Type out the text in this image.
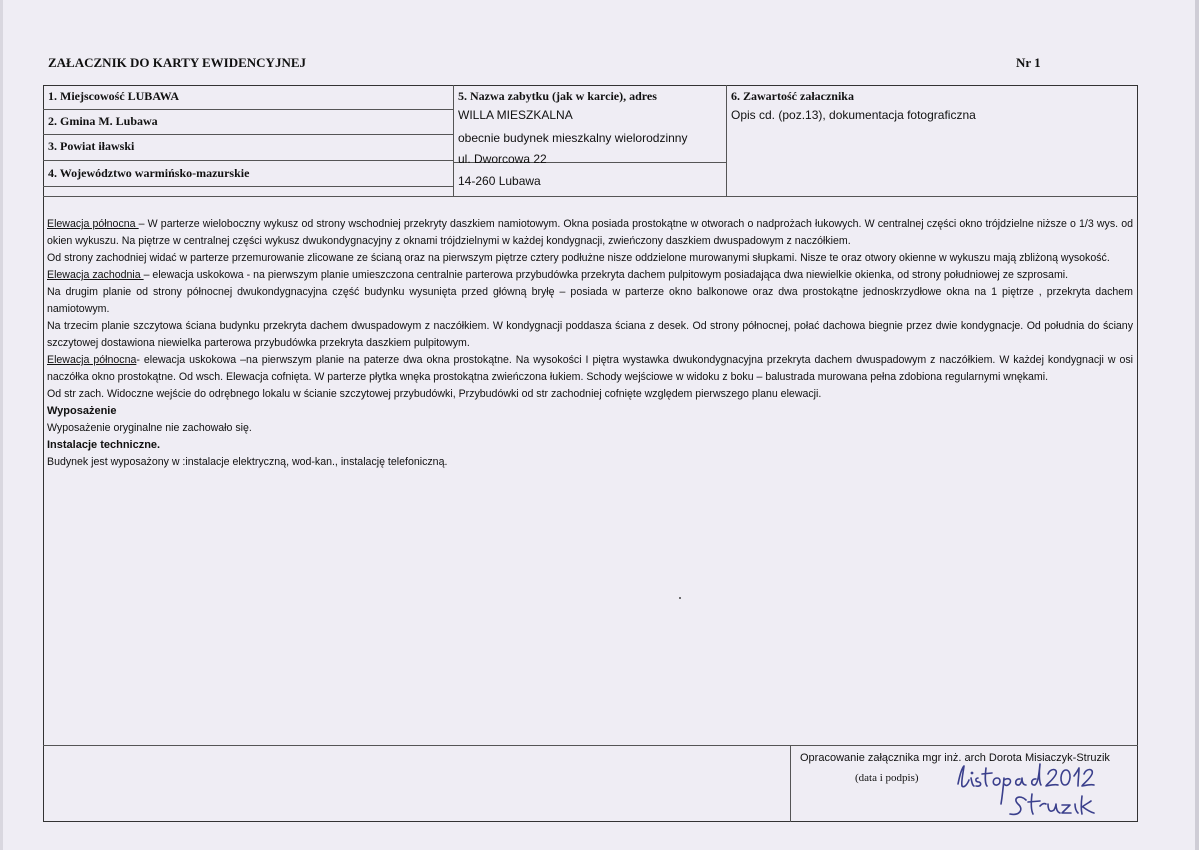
ZAŁACZNIK DO KARTY EWIDENCYJNEJ	Nr 1
1. Miejscowość LUBAWA
2. Gmina M. Lubawa
3. Powiat iławski
4. Województwo warmińsko-mazurskie
5. Nazwa zabytku (jak w karcie), adres
WILLA MIESZKALNA
obecnie budynek mieszkalny wielorodzinny
ul. Dworcowa 22
14-260 Lubawa
6. Zawartość załacznika
Opis cd. (poz.13), dokumentacja fotograficzna

Elewacja północna – W parterze wieloboczny wykusz od strony wschodniej przekryty daszkiem namiotowym. Okna posiada prostokątne w otworach o nadprożach łukowych. W centralnej części okno trójdzielne niższe o 1/3 wys. od okien wykuszu. Na piętrze w centralnej części wykusz dwukondygnacyjny z oknami trójdzielnymi w każdej kondygnacji, zwieńczony daszkiem dwuspadowym z naczółkiem.

Od strony zachodniej widać w parterze przemurowanie zlicowane ze ścianą oraz na pierwszym piętrze cztery podłużne nisze oddzielone murowanymi słupkami. Nisze te oraz otwory okienne w wykuszu mają zbliżoną wysokość.

Elewacja zachodnia – elewacja uskokowa - na pierwszym planie umieszczona centralnie parterowa przybudówka przekryta dachem pulpitowym posiadająca dwa niewielkie okienka, od strony południowej ze szprosami.

Na drugim planie od strony północnej dwukondygnacyjna część budynku wysunięta przed główną bryłę – posiada w parterze okno balkonowe oraz dwa prostokątne jednoskrzydłowe okna na 1 piętrze , przekryta dachem namiotowym.

Na trzecim planie szczytowa ściana budynku przekryta dachem dwuspadowym z naczółkiem. W kondygnacji poddasza ściana z desek. Od strony północnej, połać dachowa biegnie przez dwie kondygnacje. Od południa do ściany szczytowej dostawiona niewielka parterowa przybudówka przekryta daszkiem pulpitowym.

Elewacja północna- elewacja uskokowa –na pierwszym planie na paterze dwa okna prostokątne. Na wysokości I piętra wystawka dwukondygnacyjna przekryta dachem dwuspadowym z naczółkiem. W każdej kondygnacji w osi naczółka okno prostokątne. Od wsch. Elewacja cofnięta. W parterze płytka wnęka prostokątna zwieńczona łukiem. Schody wejściowe w widoku z boku – balustrada murowana pełna zdobiona regularnymi wnękami.

Od str zach. Widoczne wejście do odrębnego lokalu w ścianie szczytowej przybudówki, Przybudówki od str zachodniej cofnięte względem pierwszego planu elewacji.

Wyposażenie

Wyposażenie oryginalne nie zachowało się.

Instalacje techniczne.

Budynek jest wyposażony w :instalacje elektryczną, wod-kan., instalację telefoniczną.

Opracowanie załącznika mgr inż. arch Dorota Misiaczyk-Struzik
(data i podpis)
